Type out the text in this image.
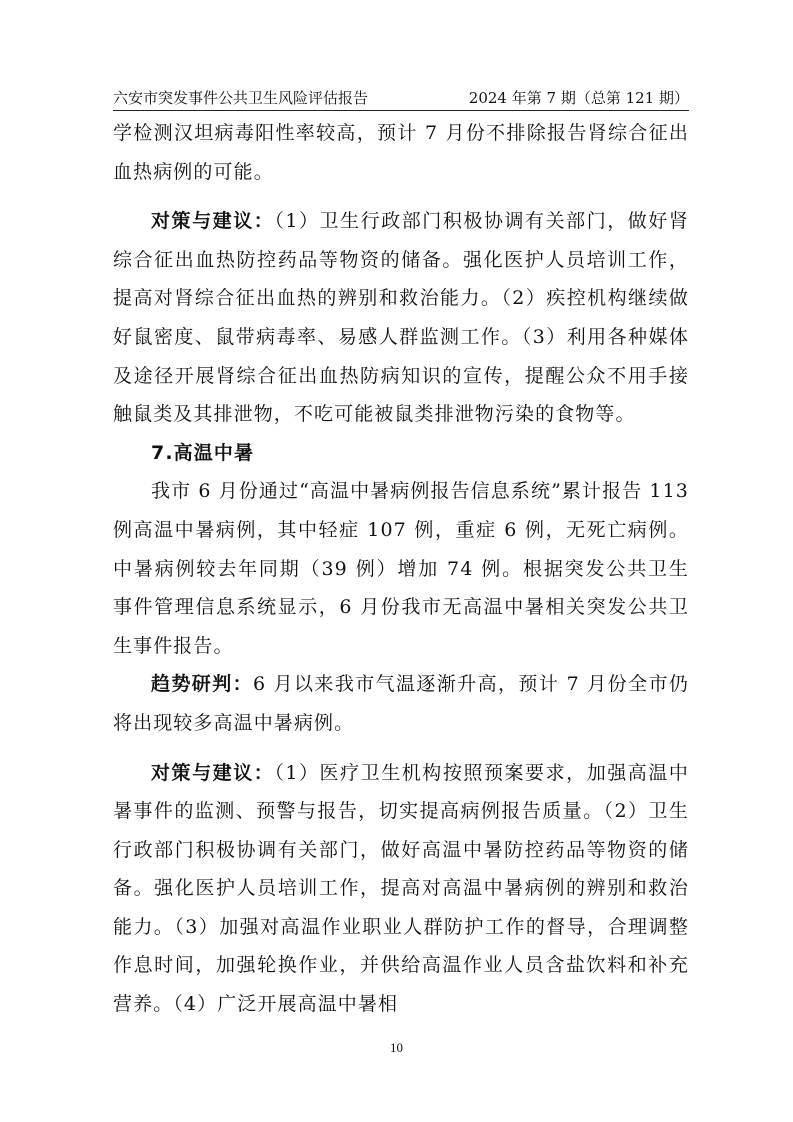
六安市突发事件公共卫生风险评估报告	2024 年第 7 期（总第 121 期）

学检测汉坦病毒阳性率较高，预计 7 月份不排除报告肾综合征出血热病例的可能。

对策与建议：（1）卫生行政部门积极协调有关部门，做好肾综合征出血热防控药品等物资的储备。强化医护人员培训工作，提高对肾综合征出血热的辨别和救治能力。（2）疾控机构继续做好鼠密度、鼠带病毒率、易感人群监测工作。（3）利用各种媒体及途径开展肾综合征出血热防病知识的宣传，提醒公众不用手接触鼠类及其排泄物，不吃可能被鼠类排泄物污染的食物等。

7.高温中暑

我市 6 月份通过“高温中暑病例报告信息系统”累计报告 113 例高温中暑病例，其中轻症 107 例，重症 6 例，无死亡病例。中暑病例较去年同期（39 例）增加 74 例。根据突发公共卫生事件管理信息系统显示，6 月份我市无高温中暑相关突发公共卫生事件报告。

趋势研判：6 月以来我市气温逐渐升高，预计 7 月份全市仍将出现较多高温中暑病例。

对策与建议：（1）医疗卫生机构按照预案要求，加强高温中暑事件的监测、预警与报告，切实提高病例报告质量。（2）卫生行政部门积极协调有关部门，做好高温中暑防控药品等物资的储备。强化医护人员培训工作，提高对高温中暑病例的辨别和救治能力。（3）加强对高温作业职业人群防护工作的督导，合理调整作息时间，加强轮换作业，并供给高温作业人员含盐饮料和补充营养。（4）广泛开展高温中暑相

10
